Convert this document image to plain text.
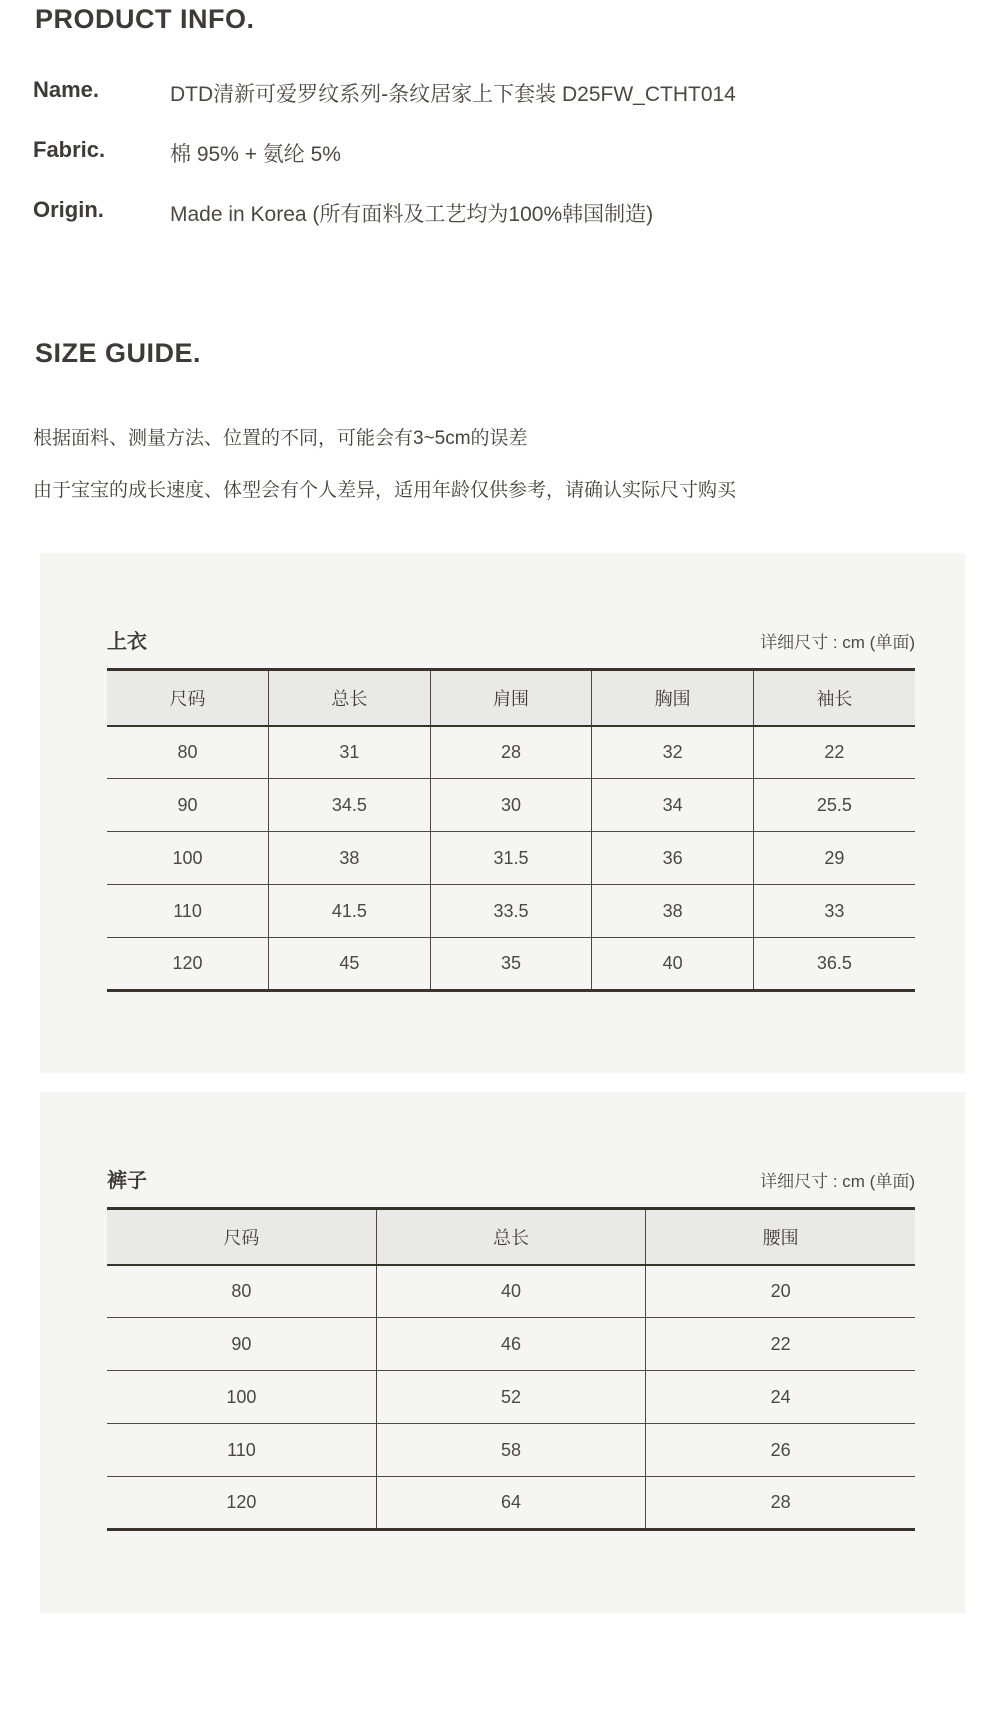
PRODUCT INFO.
Name.	DTD清新可爱罗纹系列-条纹居家上下套装 D25FW_CTHT014
Fabric.	棉 95% + 氨纶 5%
Origin.	Made in Korea (所有面料及工艺均为100%韩国制造)
SIZE GUIDE.

根据面料、测量方法、位置的不同，可能会有3~5cm的误差

由于宝宝的成长速度、体型会有个人差异，适用年龄仅供参考，请确认实际尺寸购买

上衣	详细尺寸 : cm (单面)
尺码	总长	肩围	胸围	袖长
80	31	28	32	22
90	34.5	30	34	25.5
100	38	31.5	36	29
110	41.5	33.5	38	33
120	45	35	40	36.5
裤子	详细尺寸 : cm (单面)
尺码	总长	腰围
80	40	20
90	46	22
100	52	24
110	58	26
120	64	28
